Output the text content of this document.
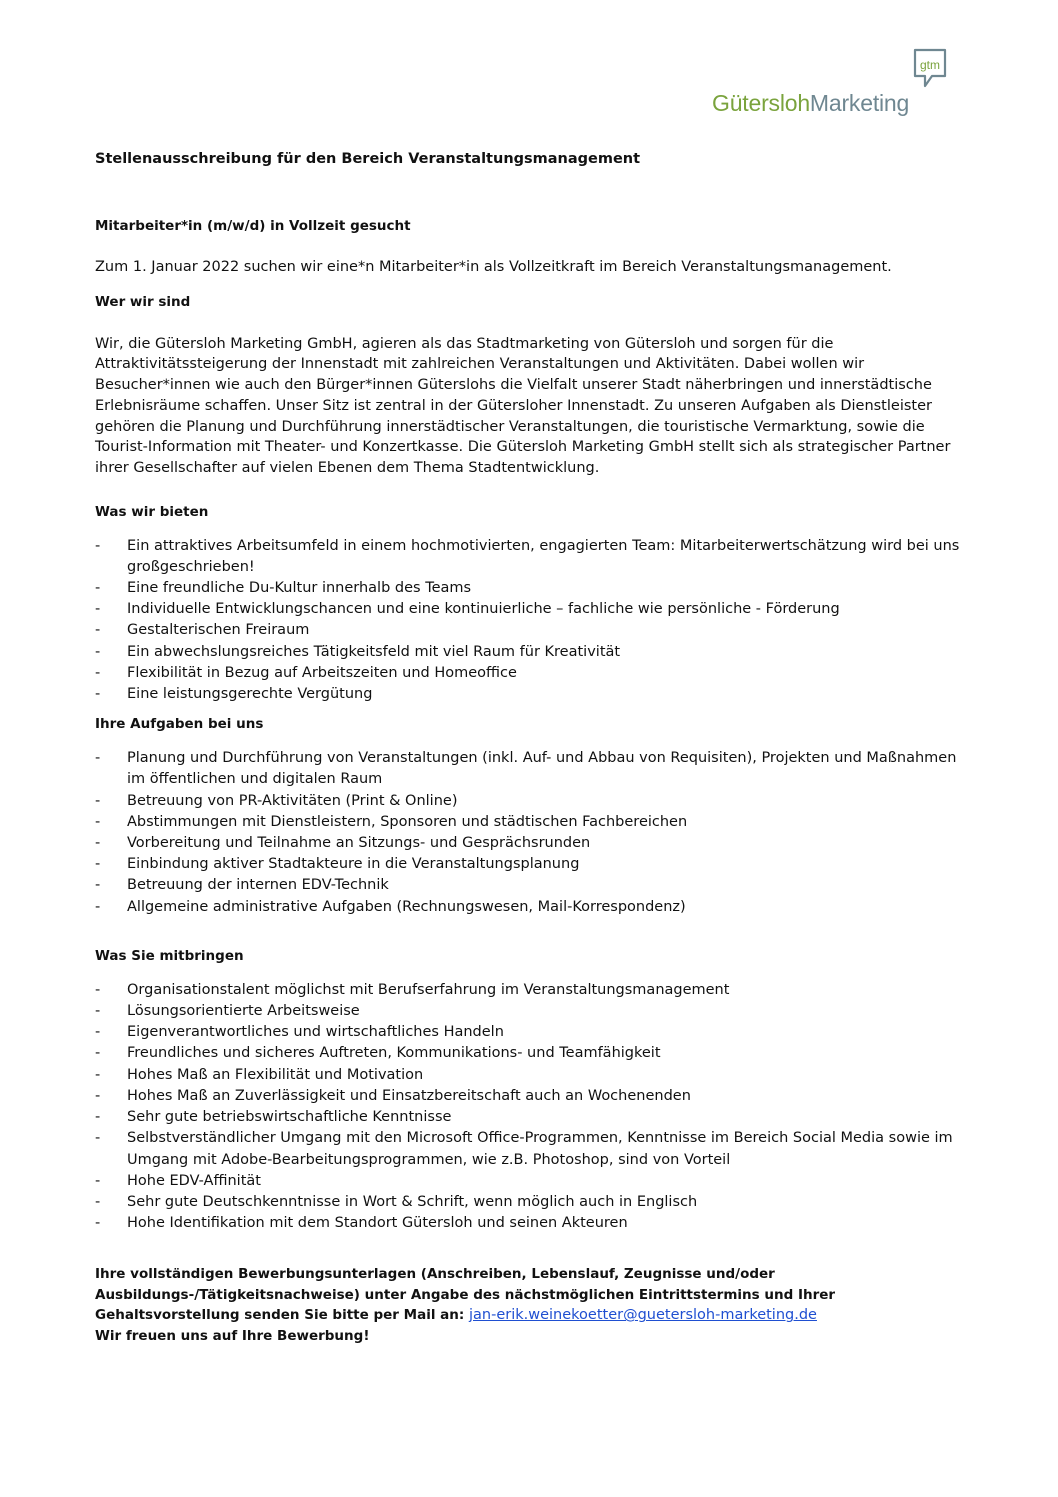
gtm
GüterslohMarketing
Stellenausschreibung für den Bereich Veranstaltungsmanagement
Mitarbeiter*in (m/w/d) in Vollzeit gesucht

Zum 1. Januar 2022 suchen wir eine*n Mitarbeiter*in als Vollzeitkraft im Bereich Veranstaltungsmanagement.

Wer wir sind

Wir, die Gütersloh Marketing GmbH, agieren als das Stadtmarketing von Gütersloh und sorgen für die Attraktivitätssteigerung der Innenstadt mit zahlreichen Veranstaltungen und Aktivitäten. Dabei wollen wir Besucher*innen wie auch den Bürger*innen Güterslohs die Vielfalt unserer Stadt näherbringen und innerstädtische Erlebnisräume schaffen. Unser Sitz ist zentral in der Gütersloher Innenstadt. Zu unseren Aufgaben als Dienstleister gehören die Planung und Durchführung innerstädtischer Veranstaltungen, die touristische Vermarktung, sowie die Tourist-Information mit Theater- und Konzertkasse. Die Gütersloh Marketing GmbH stellt sich als strategischer Partner ihrer Gesellschafter auf vielen Ebenen dem Thema Stadtentwicklung.

Was wir bieten
- Ein attraktives Arbeitsumfeld in einem hochmotivierten, engagierten Team: Mitarbeiterwertschätzung wird bei uns großgeschrieben!
- Eine freundliche Du-Kultur innerhalb des Teams
- Individuelle Entwicklungschancen und eine kontinuierliche – fachliche wie persönliche - Förderung
- Gestalterischen Freiraum
- Ein abwechslungsreiches Tätigkeitsfeld mit viel Raum für Kreativität
- Flexibilität in Bezug auf Arbeitszeiten und Homeoffice
- Eine leistungsgerechte Vergütung
Ihre Aufgaben bei uns
- Planung und Durchführung von Veranstaltungen (inkl. Auf- und Abbau von Requisiten), Projekten und Maßnahmen im öffentlichen und digitalen Raum
- Betreuung von PR-Aktivitäten (Print & Online)
- Abstimmungen mit Dienstleistern, Sponsoren und städtischen Fachbereichen
- Vorbereitung und Teilnahme an Sitzungs- und Gesprächsrunden
- Einbindung aktiver Stadtakteure in die Veranstaltungsplanung
- Betreuung der internen EDV-Technik
- Allgemeine administrative Aufgaben (Rechnungswesen, Mail-Korrespondenz)
Was Sie mitbringen
- Organisationstalent möglichst mit Berufserfahrung im Veranstaltungsmanagement
- Lösungsorientierte Arbeitsweise
- Eigenverantwortliches und wirtschaftliches Handeln
- Freundliches und sicheres Auftreten, Kommunikations- und Teamfähigkeit
- Hohes Maß an Flexibilität und Motivation
- Hohes Maß an Zuverlässigkeit und Einsatzbereitschaft auch an Wochenenden
- Sehr gute betriebswirtschaftliche Kenntnisse
- Selbstverständlicher Umgang mit den Microsoft Office-Programmen, Kenntnisse im Bereich Social Media sowie im Umgang mit Adobe-Bearbeitungsprogrammen, wie z.B. Photoshop, sind von Vorteil
- Hohe EDV-Affinität
- Sehr gute Deutschkenntnisse in Wort & Schrift, wenn möglich auch in Englisch
- Hohe Identifikation mit dem Standort Gütersloh und seinen Akteuren

Ihre vollständigen Bewerbungsunterlagen (Anschreiben, Lebenslauf, Zeugnisse und/oder Ausbildungs-/Tätigkeitsnachweise) unter Angabe des nächstmöglichen Eintrittstermins und Ihrer Gehaltsvorstellung senden Sie bitte per Mail an: jan-erik.weinekoetter@guetersloh-marketing.de

Wir freuen uns auf Ihre Bewerbung!
